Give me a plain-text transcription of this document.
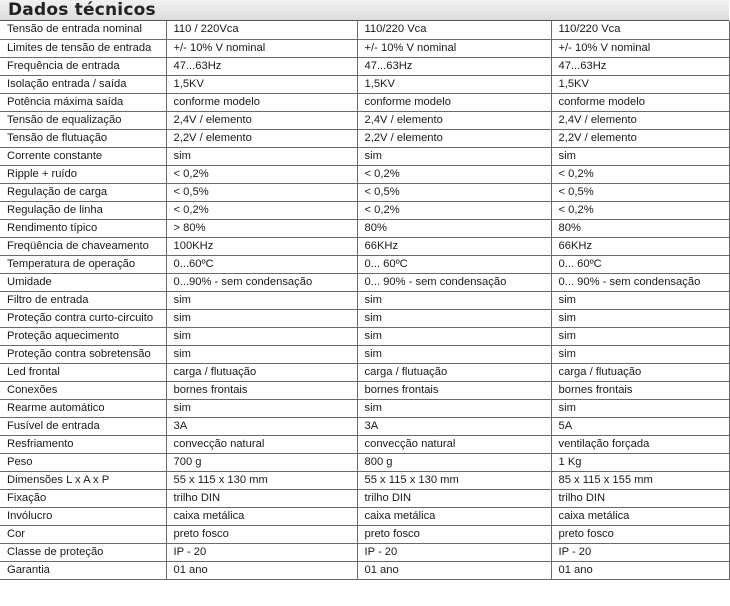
Dados técnicos
Tensão de entrada nominal	110 / 220Vca	110/220 Vca	110/220 Vca
Limites de tensão de entrada	+/- 10% V nominal	+/- 10% V nominal	+/- 10% V nominal
Frequência de entrada	47...63Hz	47...63Hz	47...63Hz
Isolação entrada / saída	1,5KV	1,5KV	1,5KV
Potência máxima saída	conforme modelo	conforme modelo	conforme modelo
Tensão de equalização	2,4V / elemento	2,4V / elemento	2,4V / elemento
Tensão de flutuação	2,2V / elemento	2,2V / elemento	2,2V / elemento
Corrente constante	sim	sim	sim
Ripple + ruído	< 0,2%	< 0,2%	< 0,2%
Regulação de carga	< 0,5%	< 0,5%	< 0,5%
Regulação de linha	< 0,2%	< 0,2%	< 0,2%
Rendimento típico	> 80%	80%	80%
Freqüência de chaveamento	100KHz	66KHz	66KHz
Temperatura de operação	0...60ºC	0... 60ºC	0... 60ºC
Umidade	0...90% - sem condensação	0... 90% - sem condensação	0... 90% - sem condensação
Filtro de entrada	sim	sim	sim
Proteção contra curto-circuito	sim	sim	sim
Proteção aquecimento	sim	sim	sim
Proteção contra sobretensão	sim	sim	sim
Led frontal	carga / flutuação	carga / flutuação	carga / flutuação
Conexões	bornes frontais	bornes frontais	bornes frontais
Rearme automático	sim	sim	sim
Fusível de entrada	3A	3A	5A
Resfriamento	convecção natural	convecção natural	ventilação forçada
Peso	700 g	800 g	1 Kg
Dimensões L x A x P	55 x 115 x 130 mm	55 x 115 x 130 mm	85 x 115 x 155 mm
Fixação	trilho DIN	trilho DIN	trilho DIN
Invólucro	caixa metálica	caixa metálica	caixa metálica
Cor	preto fosco	preto fosco	preto fosco
Classe de proteção	IP - 20	IP - 20	IP - 20
Garantia	01 ano	01 ano	01 ano
